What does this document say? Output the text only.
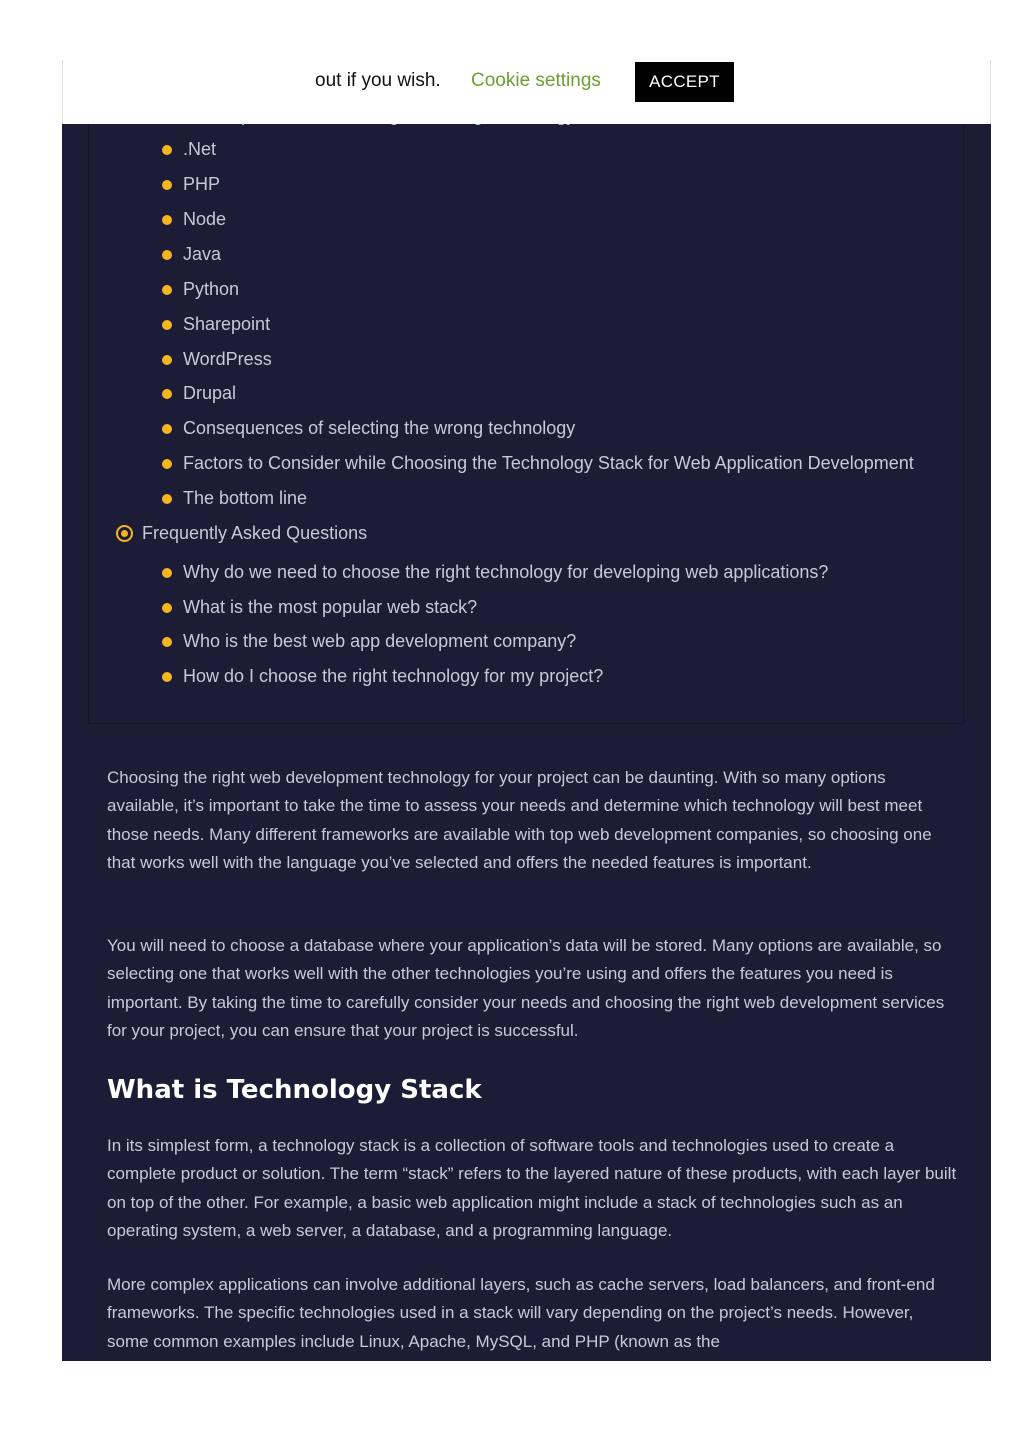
.Net
PHP
Node
Java
Python
Sharepoint
WordPress
Drupal
Consequences of selecting the wrong technology
Factors to Consider while Choosing the Technology Stack for Web Application Development
The bottom line
Frequently Asked Questions
Why do we need to choose the right technology for developing web applications?
What is the most popular web stack?
Who is the best web app development company?
How do I choose the right technology for my project?

Choosing the right web development technology for your project can be daunting. With so many options available, it’s important to take the time to assess your needs and determine which technology will best meet those needs. Many different frameworks are available with top web development companies, so choosing one that works well with the language you’ve selected and offers the needed features is important.

You will need to choose a database where your application’s data will be stored. Many options are available, so selecting one that works well with the other technologies you’re using and offers the features you need is important. By taking the time to carefully consider your needs and choosing the right web development services for your project, you can ensure that your project is successful.

What is Technology Stack

In its simplest form, a technology stack is a collection of software tools and technologies used to create a complete product or solution. The term “stack” refers to the layered nature of these products, with each layer built on top of the other. For example, a basic web application might include a stack of technologies such as an operating system, a web server, a database, and a programming language.

More complex applications can involve additional layers, such as cache servers, load balancers, and front-end frameworks. The specific technologies used in a stack will vary depending on the project’s needs. However, some common examples include Linux, Apache, MySQL, and PHP (known as the

out if you wish. Cookie settings	ACCEPT
